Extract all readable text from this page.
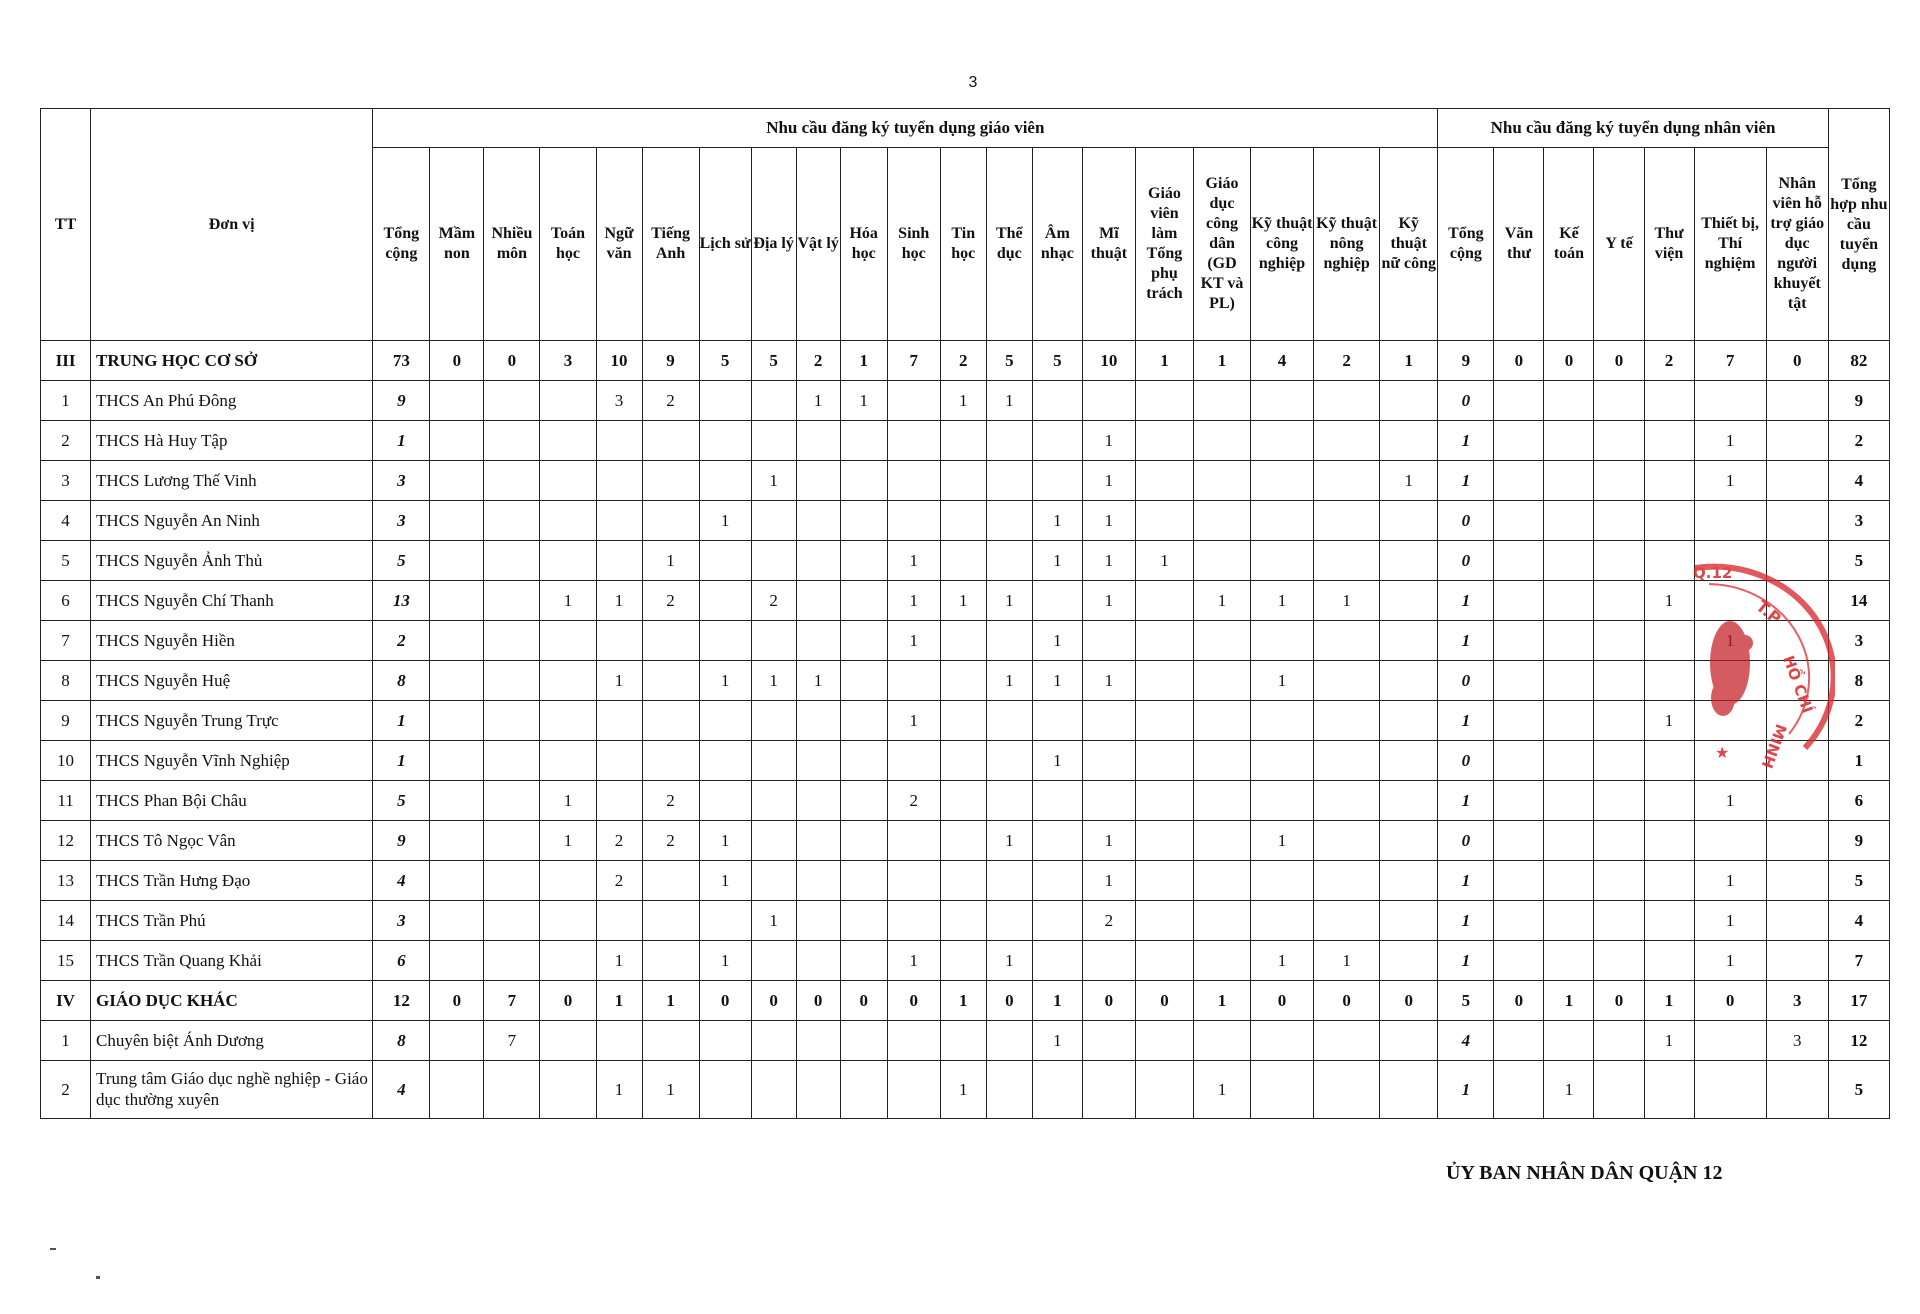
3
TT	Đơn vị	Nhu cầu đăng ký tuyển dụng giáo viên																				Nhu cầu đăng ký tuyển dụng nhân viên							Tổng hợp nhu cầu tuyển dụng
		Tổng cộng	Mầm non	Nhiều môn	Toán học	Ngữ văn	Tiếng Anh	Lịch sử	Địa lý	Vật lý	Hóa học	Sinh học	Tin học	Thể dục	Âm nhạc	Mĩ thuật	Giáo viên làm Tổng phụ trách	Giáo dục công dân (GD KT và PL)	Kỹ thuật công nghiệp	Kỹ thuật nông nghiệp	Kỹ thuật nữ công	Tổng cộng	Văn thư	Kế toán	Y tế	Thư viện	Thiết bị, Thí nghiệm	Nhân viên hỗ trợ giáo dục người khuyết tật	
III	TRUNG HỌC CƠ SỞ	73	0	0	3	10	9	5	5	2	1	7	2	5	5	10	1	1	4	2	1	9	0	0	0	2	7	0	82
1	THCS An Phú Đông	9				3	2			1	1		1	1								0							9
2	THCS Hà Huy Tập	1														1						1					1		2
3	THCS Lương Thế Vinh	3							1							1					1	1					1		4
4	THCS Nguyễn An Ninh	3						1							1	1						0							3
5	THCS Nguyễn Ảnh Thủ	5					1					1			1	1	1					0							5
6	THCS Nguyễn Chí Thanh	13			1	1	2		2			1	1	1		1		1	1	1		1				1			14
7	THCS Nguyễn Hiền	2										1			1							1							3
8	THCS Nguyễn Huệ	8				1		1	1	1				1	1	1			1			0							8
9	THCS Nguyễn Trung Trực	1										1										1				1			2
10	THCS Nguyễn Vĩnh Nghiệp	1													1							0							1
11	THCS Phan Bội Châu	5			1		2					2										1					1		6
12	THCS Tô Ngọc Vân	9			1	2	2	1						1		1			1			0							9
13	THCS Trần Hưng Đạo	4				2		1								1						1					1		5
14	THCS Trần Phú	3							1							2						1					1		4
15	THCS Trần Quang Khải	6				1		1				1		1					1	1		1					1		7
IV	GIÁO DỤC KHÁC	12	0	7	0	1	1	0	0	0	0	0	1	0	1	0	0	1	0	0	0	5	0	1	0	1	0	3	17
1	Chuyên biệt Ánh Dương	8		7											1							4				1		3	12
2	Trung tâm Giáo dục nghề nghiệp - Giáo dục thường xuyên	4				1	1						1					1				1		1					5
ỦY BAN NHÂN DÂN QUẬN 12
T.P
HỒ CHÍ
MINH
Q.12
★
